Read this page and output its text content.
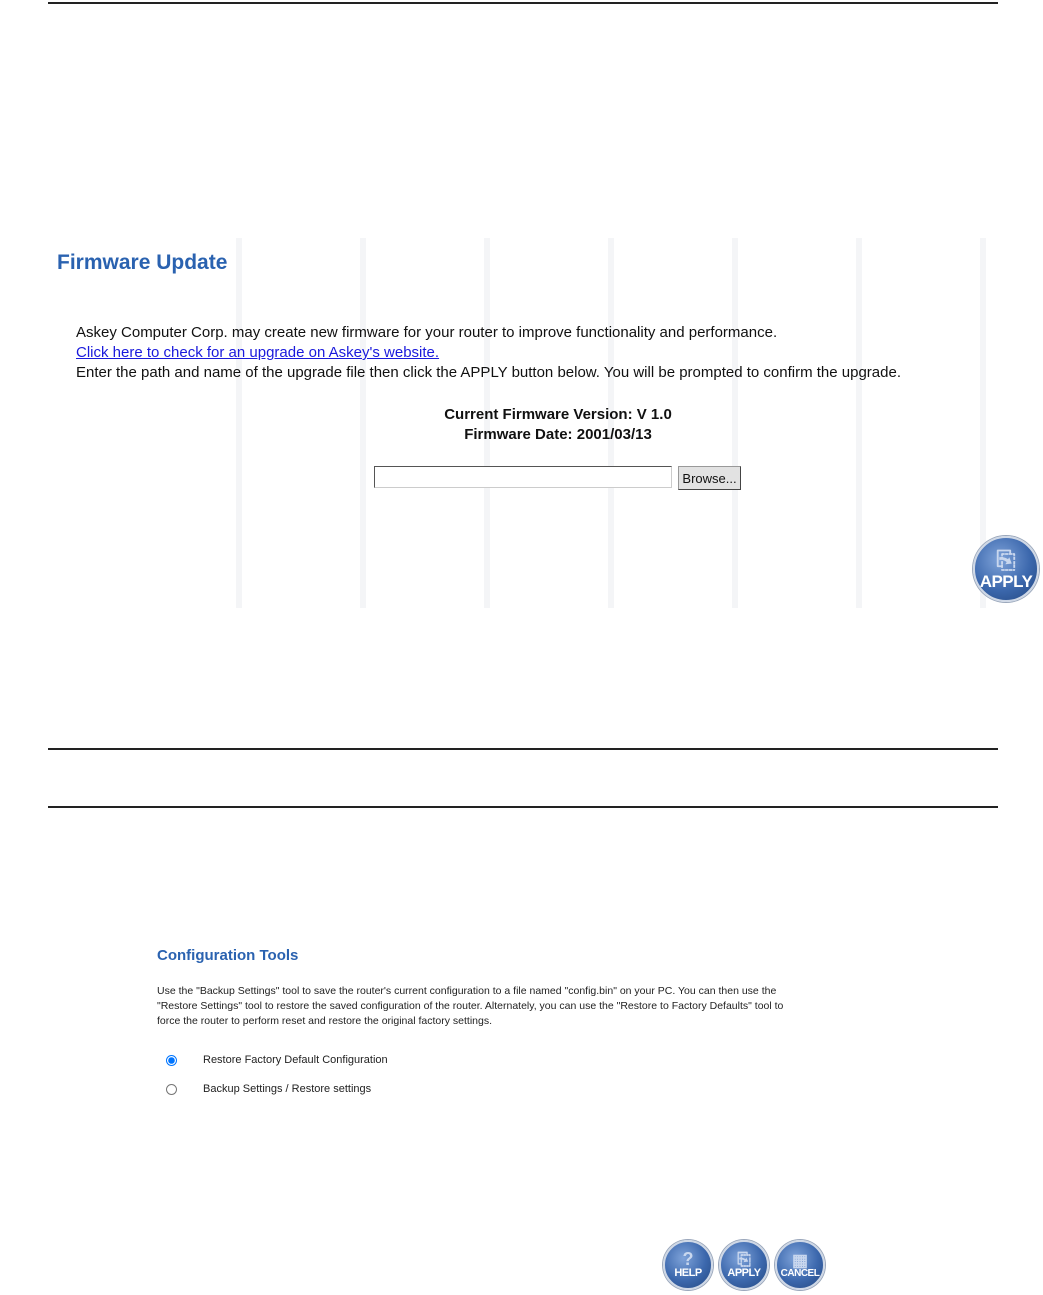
Firmware Update
Askey Computer Corp. may create new firmware for your router to improve functionality and performance.
Click here to check for an upgrade on Askey's website.
Enter the path and name of the upgrade file then click the APPLY button below. You will be prompted to confirm the upgrade.
Current Firmware Version: V 1.0
Firmware Date: 2001/03/13
Browse...
⎘
APPLY
Configuration Tools
Use the "Backup Settings" tool to save the router's current configuration to a file named "config.bin" on your PC. You can then use the
"Restore Settings" tool to restore the saved configuration of the router. Alternately, you can use the "Restore to Factory Defaults" tool to
force the router to perform reset and restore the original factory settings.
Restore Factory Default Configuration
Backup Settings / Restore settings
?
HELP
⎘
APPLY
▦
CANCEL
